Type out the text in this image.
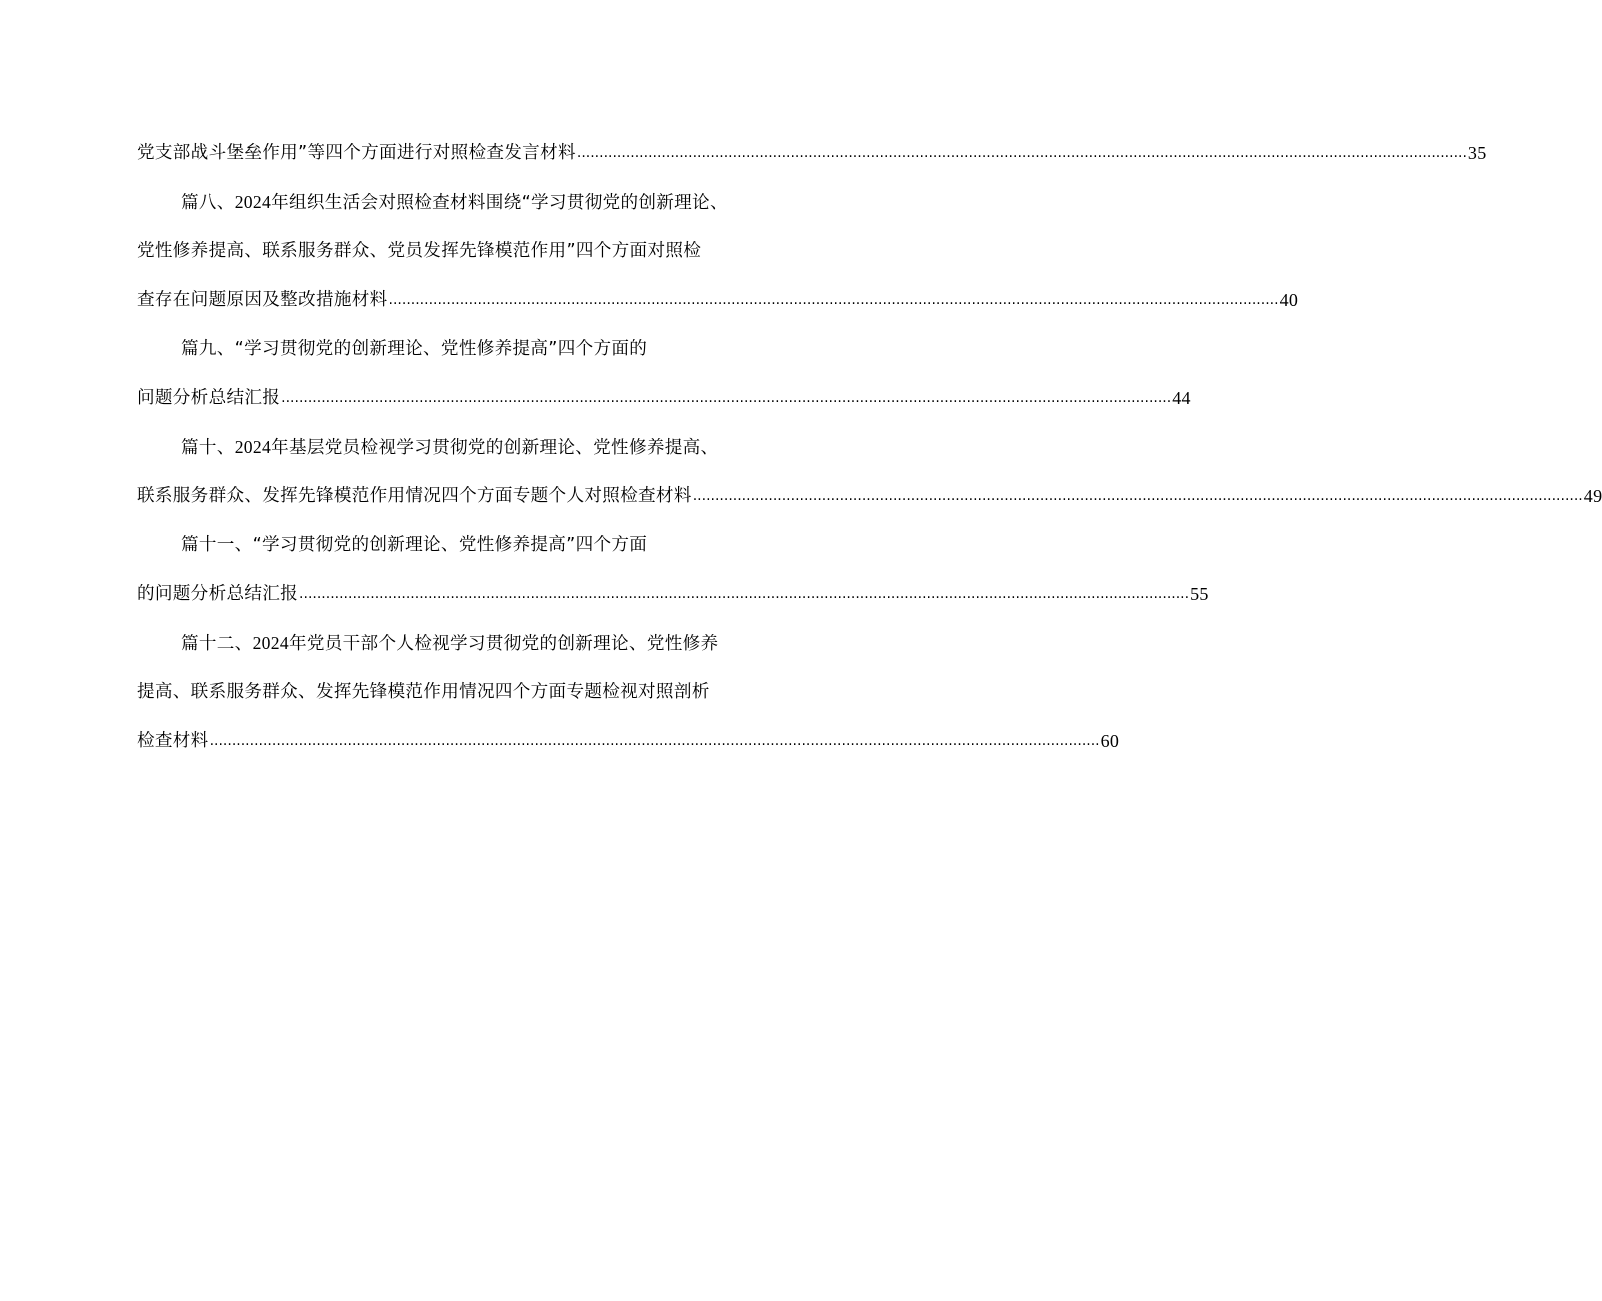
党支部战斗堡垒作用”等四个方面进行对照检查发言材料 ........................................................................................................................................................................................................ 35
篇八、2024年组织生活会对照检查材料围绕“学习贯彻党的创新理论、
党性修养提高、联系服务群众、党员发挥先锋模范作用”四个方面对照检
查存在问题原因及整改措施材料 ........................................................................................................................................................................................................ 40
篇九、“学习贯彻党的创新理论、党性修养提高”四个方面的
问题分析总结汇报 ........................................................................................................................................................................................................ 44
篇十、2024年基层党员检视学习贯彻党的创新理论、党性修养提高、
联系服务群众、发挥先锋模范作用情况四个方面专题个人对照检查材料 ........................................................................................................................................................................................................ 49
篇十一、“学习贯彻党的创新理论、党性修养提高”四个方面
的问题分析总结汇报 ........................................................................................................................................................................................................ 55
篇十二、2024年党员干部个人检视学习贯彻党的创新理论、党性修养
提高、联系服务群众、发挥先锋模范作用情况四个方面专题检视对照剖析
检查材料 ........................................................................................................................................................................................................ 60
